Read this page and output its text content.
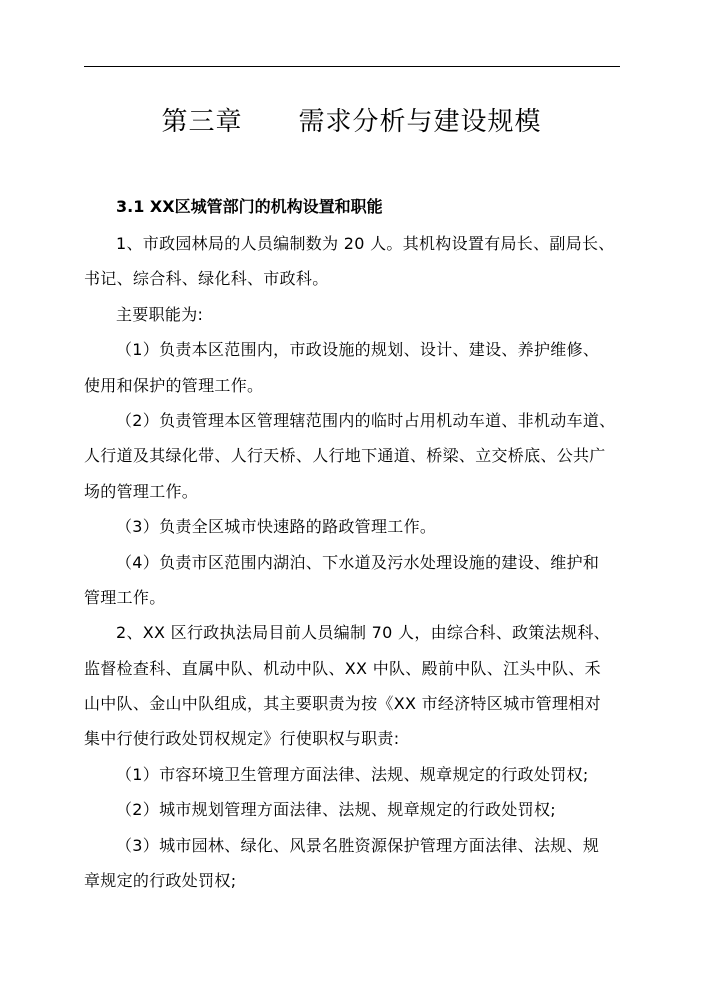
第三章 需求分析与建设规模
3.1 XX区城管部门的机构设置和职能
1、市政园林局的人员编制数为 20 人。其机构设置有局长、副局长、
书记、综合科、绿化科、市政科。
主要职能为:
（1）负责本区范围内，市政设施的规划、设计、建设、养护维修、
使用和保护的管理工作。
（2）负责管理本区管理辖范围内的临时占用机动车道、非机动车道、
人行道及其绿化带、人行天桥、人行地下通道、桥梁、立交桥底、公共广
场的管理工作。
（3）负责全区城市快速路的路政管理工作。
（4）负责市区范围内湖泊、下水道及污水处理设施的建设、维护和
管理工作。
2、XX 区行政执法局目前人员编制 70 人，由综合科、政策法规科、
监督检查科、直属中队、机动中队、XX 中队、殿前中队、江头中队、禾
山中队、金山中队组成，其主要职责为按《XX 市经济特区城市管理相对
集中行使行政处罚权规定》行使职权与职责:
（1）市容环境卫生管理方面法律、法规、规章规定的行政处罚权;
（2）城市规划管理方面法律、法规、规章规定的行政处罚权;
（3）城市园林、绿化、风景名胜资源保护管理方面法律、法规、规
章规定的行政处罚权;
